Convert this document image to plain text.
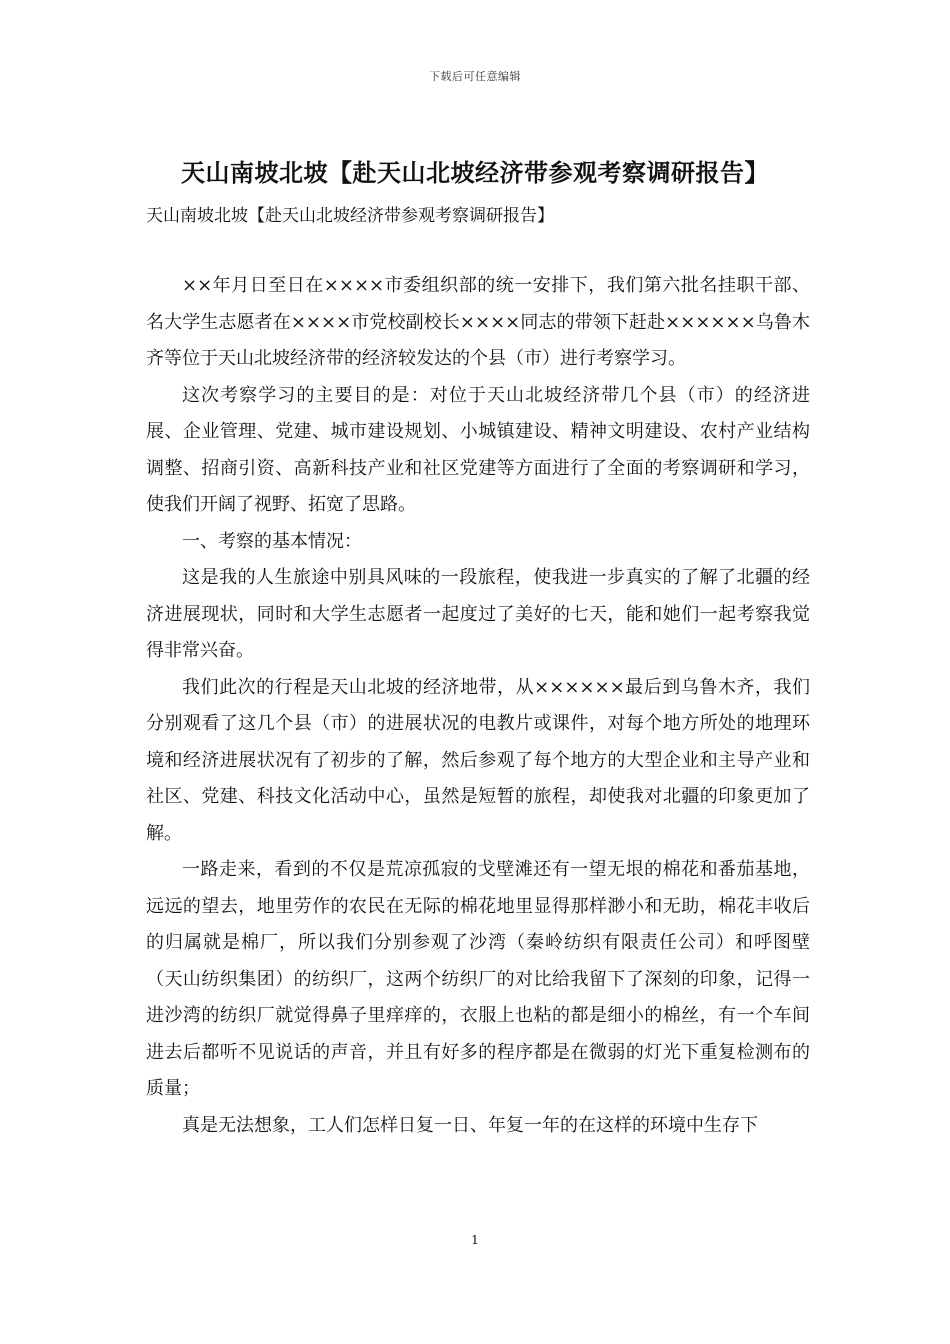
下载后可任意编辑
天山南坡北坡【赴天山北坡经济带参观考察调研报告】
天山南坡北坡【赴天山北坡经济带参观考察调研报告】

××年月日至日在××××市委组织部的统一安排下，我们第六批名挂职干部、名大学生志愿者在××××市党校副校长××××同志的带领下赶赴××××××乌鲁木齐等位于天山北坡经济带的经济较发达的个县（市）进行考察学习。

这次考察学习的主要目的是：对位于天山北坡经济带几个县（市）的经济进展、企业管理、党建、城市建设规划、小城镇建设、精神文明建设、农村产业结构调整、招商引资、高新科技产业和社区党建等方面进行了全面的考察调研和学习，使我们开阔了视野、拓宽了思路。

一、考察的基本情况：

这是我的人生旅途中别具风味的一段旅程，使我进一步真实的了解了北疆的经济进展现状，同时和大学生志愿者一起度过了美好的七天，能和她们一起考察我觉得非常兴奋。

我们此次的行程是天山北坡的经济地带，从××××××最后到乌鲁木齐，我们分别观看了这几个县（市）的进展状况的电教片或课件，对每个地方所处的地理环境和经济进展状况有了初步的了解，然后参观了每个地方的大型企业和主导产业和社区、党建、科技文化活动中心，虽然是短暂的旅程，却使我对北疆的印象更加了解。

一路走来，看到的不仅是荒凉孤寂的戈壁滩还有一望无垠的棉花和番茄基地，远远的望去，地里劳作的农民在无际的棉花地里显得那样渺小和无助，棉花丰收后的归属就是棉厂，所以我们分别参观了沙湾（秦岭纺织有限责任公司）和呼图壁（天山纺织集团）的纺织厂，这两个纺织厂的对比给我留下了深刻的印象，记得一进沙湾的纺织厂就觉得鼻子里痒痒的，衣服上也粘的都是细小的棉丝，有一个车间进去后都听不见说话的声音，并且有好多的程序都是在微弱的灯光下重复检测布的质量；

真是无法想象，工人们怎样日复一日、年复一年的在这样的环境中生存下

1
